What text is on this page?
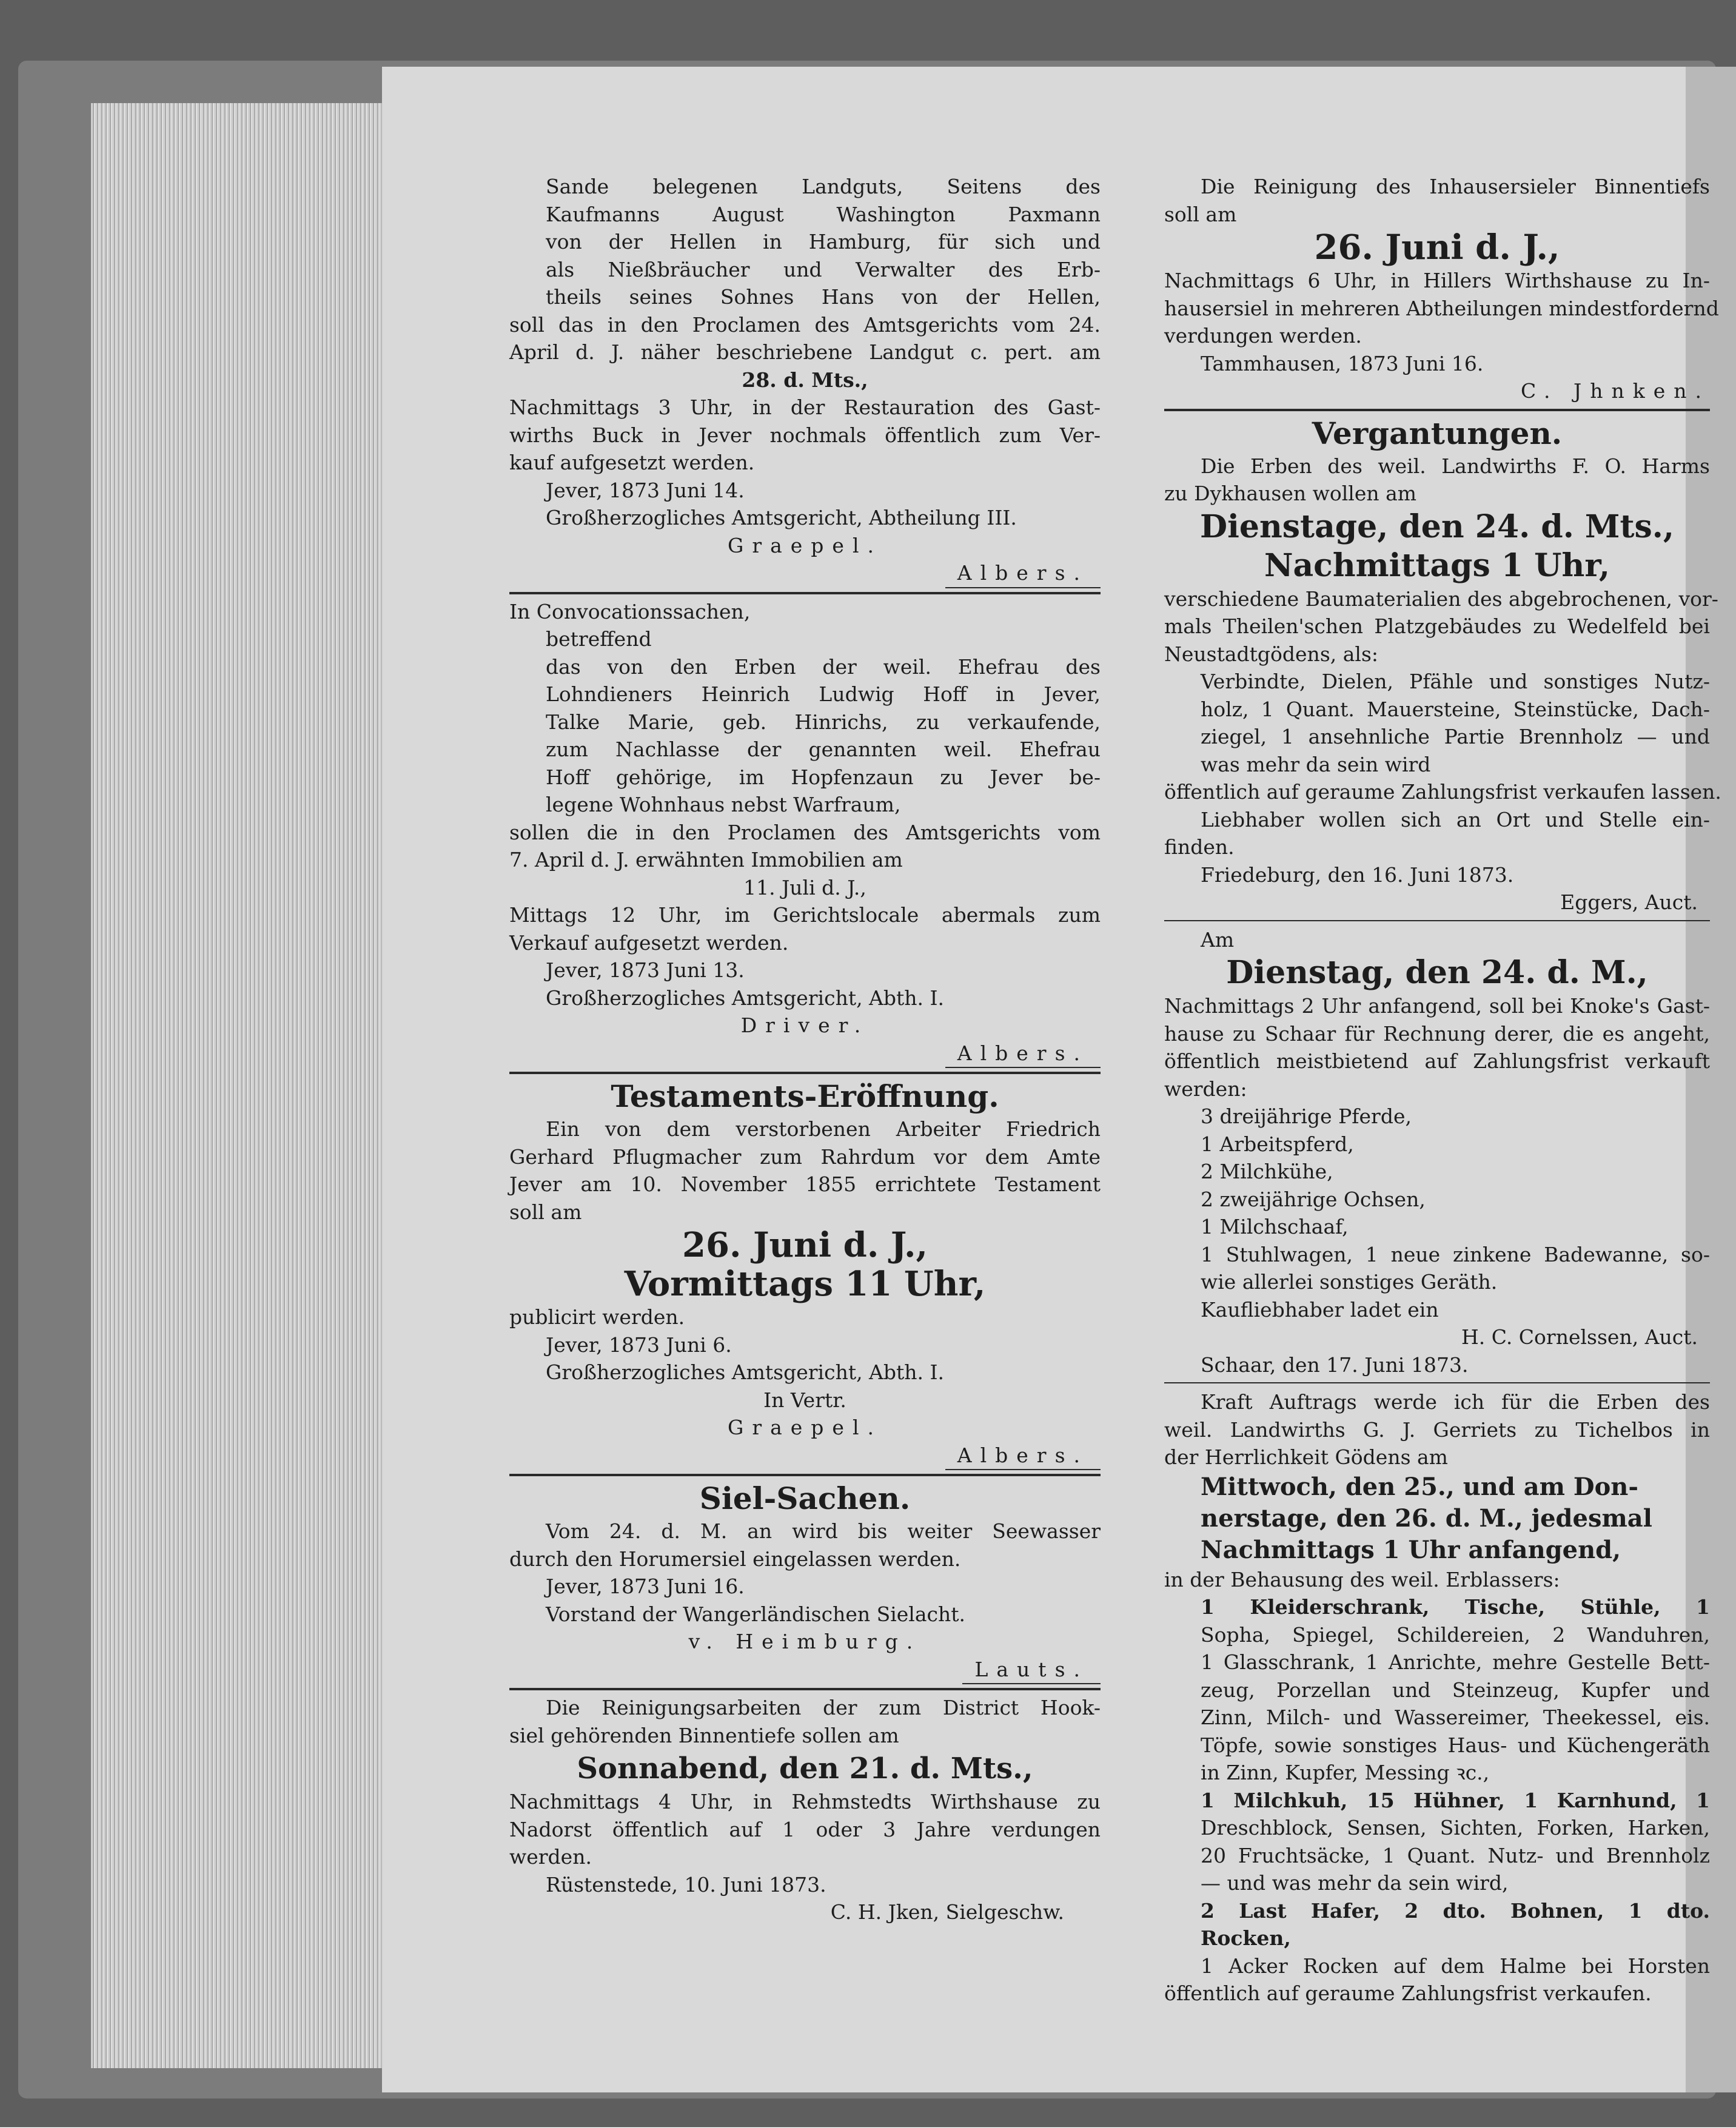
Sande belegenen Landguts, Seitens des
Kaufmanns August Washington Paxmann
von der Hellen in Hamburg, für sich und
als Nießbräucher und Verwalter des Erb-
theils seines Sohnes Hans von der Hellen,
soll das in den Proclamen des Amtsgerichts vom 24.
April d. J. näher beschriebene Landgut c. pert. am
28. d. Mts.,
Nachmittags 3 Uhr, in der Restauration des Gast-
wirths Buck in Jever nochmals öffentlich zum Ver-
kauf aufgesetzt werden.
Jever, 1873 Juni 14.
Großherzogliches Amtsgericht, Abtheilung III.
Graepel.
Albers.
In Convocationssachen,
betreffend
das von den Erben der weil. Ehefrau des
Lohndieners Heinrich Ludwig Hoff in Jever,
Talke Marie, geb. Hinrichs, zu verkaufende,
zum Nachlasse der genannten weil. Ehefrau
Hoff gehörige, im Hopfenzaun zu Jever be-
legene Wohnhaus nebst Warfraum,
sollen die in den Proclamen des Amtsgerichts vom
7. April d. J. erwähnten Immobilien am
11. Juli d. J.,
Mittags 12 Uhr, im Gerichtslocale abermals zum
Verkauf aufgesetzt werden.
Jever, 1873 Juni 13.
Großherzogliches Amtsgericht, Abth. I.
Driver.
Albers.
Testaments-Eröffnung.
Ein von dem verstorbenen Arbeiter Friedrich
Gerhard Pflugmacher zum Rahrdum vor dem Amte
Jever am 10. November 1855 errichtete Testament
soll am
26. Juni d. J.,
Vormittags 11 Uhr,
publicirt werden.
Jever, 1873 Juni 6.
Großherzogliches Amtsgericht, Abth. I.
In Vertr.
Graepel.
Albers.
Siel-Sachen.
Vom 24. d. M. an wird bis weiter Seewasser
durch den Horumersiel eingelassen werden.
Jever, 1873 Juni 16.
Vorstand der Wangerländischen Sielacht.
v. Heimburg.
Lauts.
Die Reinigungsarbeiten der zum District Hook-
siel gehörenden Binnentiefe sollen am
Sonnabend, den 21. d. Mts.,
Nachmittags 4 Uhr, in Rehmstedts Wirthshause zu
Nadorst öffentlich auf 1 oder 3 Jahre verdungen
werden.
Rüstenstede, 10. Juni 1873.
C. H. Jken, Sielgeschw.
Die Reinigung des Inhausersieler Binnentiefs
soll am
26. Juni d. J.,
Nachmittags 6 Uhr, in Hillers Wirthshause zu In-
hausersiel in mehreren Abtheilungen mindestfordernd
verdungen werden.
Tammhausen, 1873 Juni 16.
C. Jhnken.
Vergantungen.
Die Erben des weil. Landwirths F. O. Harms
zu Dykhausen wollen am
Dienstage, den 24. d. Mts.,
Nachmittags 1 Uhr,
verschiedene Baumaterialien des abgebrochenen, vor-
mals Theilen'schen Platzgebäudes zu Wedelfeld bei
Neustadtgödens, als:
Verbindte, Dielen, Pfähle und sonstiges Nutz-
holz, 1 Quant. Mauersteine, Steinstücke, Dach-
ziegel, 1 ansehnliche Partie Brennholz — und
was mehr da sein wird
öffentlich auf geraume Zahlungsfrist verkaufen lassen.
Liebhaber wollen sich an Ort und Stelle ein-
finden.
Friedeburg, den 16. Juni 1873.
Eggers, Auct.
Am
Dienstag, den 24. d. M.,
Nachmittags 2 Uhr anfangend, soll bei Knoke's Gast-
hause zu Schaar für Rechnung derer, die es angeht,
öffentlich meistbietend auf Zahlungsfrist verkauft
werden:
3 dreijährige Pferde,
1 Arbeitspferd,
2 Milchkühe,
2 zweijährige Ochsen,
1 Milchschaaf,
1 Stuhlwagen, 1 neue zinkene Badewanne, so-
wie allerlei sonstiges Geräth.
Kaufliebhaber ladet ein
H. C. Cornelssen, Auct.
Schaar, den 17. Juni 1873.
Kraft Auftrags werde ich für die Erben des
weil. Landwirths G. J. Gerriets zu Tichelbos in
der Herrlichkeit Gödens am
Mittwoch, den 25., und am Don-
nerstage, den 26. d. M., jedesmal
Nachmittags 1 Uhr anfangend,
in der Behausung des weil. Erblassers:
1 Kleiderschrank, Tische, Stühle, 1
Sopha, Spiegel, Schildereien, 2 Wanduhren,
1 Glasschrank, 1 Anrichte, mehre Gestelle Bett-
zeug, Porzellan und Steinzeug, Kupfer und
Zinn, Milch- und Wassereimer, Theekessel, eis.
Töpfe, sowie sonstiges Haus- und Küchengeräth
in Zinn, Kupfer, Messing ꝛc.,
1 Milchkuh, 15 Hühner, 1 Karnhund, 1
Dreschblock, Sensen, Sichten, Forken, Harken,
20 Fruchtsäcke, 1 Quant. Nutz- und Brennholz
— und was mehr da sein wird,
2 Last Hafer, 2 dto. Bohnen, 1 dto.
Rocken,
1 Acker Rocken auf dem Halme bei Horsten
öffentlich auf geraume Zahlungsfrist verkaufen.
